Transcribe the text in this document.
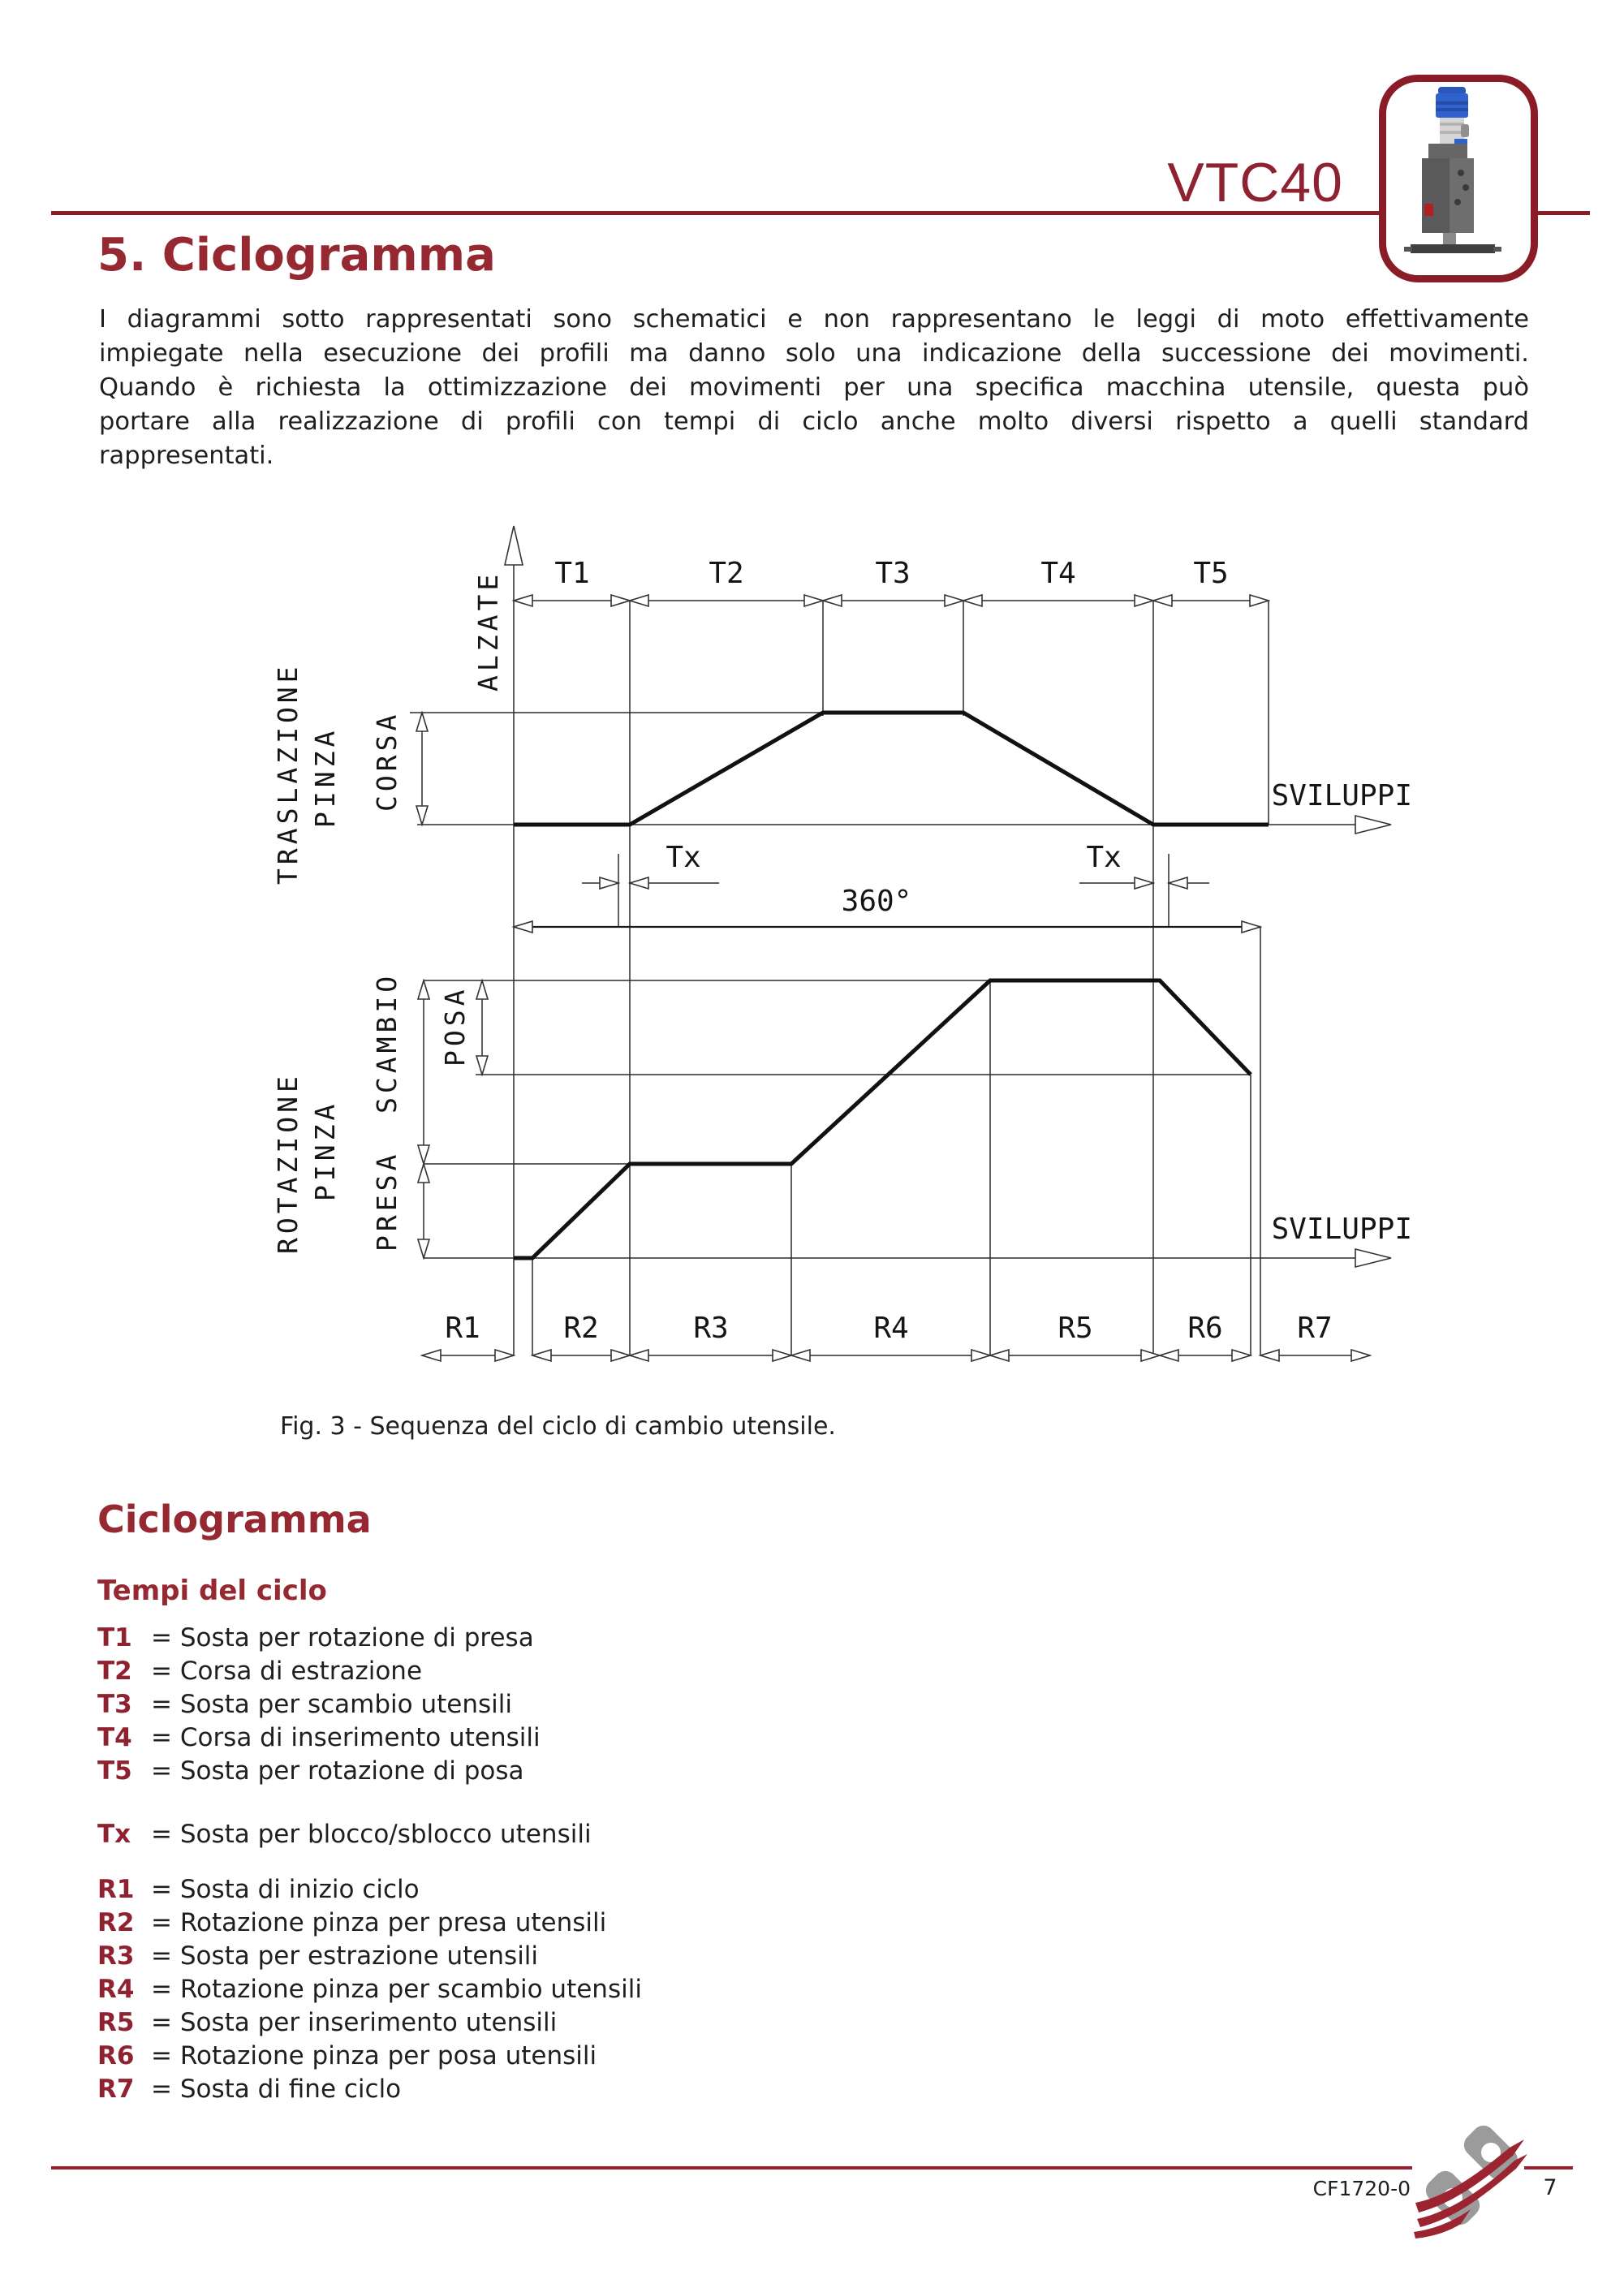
VTC40
5. Ciclogramma
I diagrammi sotto rappresentati sono schematici e non rappresentano le leggi di moto effettivamente
impiegate nella esecuzione dei profili ma danno solo una indicazione della successione dei movimenti.
Quando è richiesta la ottimizzazione dei movimenti per una specifica macchina utensile, questa può
portare alla realizzazione di profili con tempi di ciclo anche molto diversi rispetto a quelli standard
rappresentati.
ALZATE T1	T2	T3	T4	T5
SVILUPPI
CORSA
TRASLAZIONE PINZA
Tx	Tx
360°
SVILUPPI
POSA
SCAMBIO
PRESA
ROTAZIONE PINZA
R1	R2	R3	R4	R5	R6	R7
Fig. 3 - Sequenza del ciclo di cambio utensile.
Ciclogramma
Tempi del ciclo
T1 = Sosta per rotazione di presa
T2 = Corsa di estrazione
T3 = Sosta per scambio utensili
T4 = Corsa di inserimento utensili
T5 = Sosta per rotazione di posa
Tx = Sosta per blocco/sblocco utensili
R1 = Sosta di inizio ciclo
R2 = Rotazione pinza per presa utensili
R3 = Sosta per estrazione utensili
R4 = Rotazione pinza per scambio utensili
R5 = Sosta per inserimento utensili
R6 = Rotazione pinza per posa utensili
R7 = Sosta di fine ciclo
CF1720-0	7
